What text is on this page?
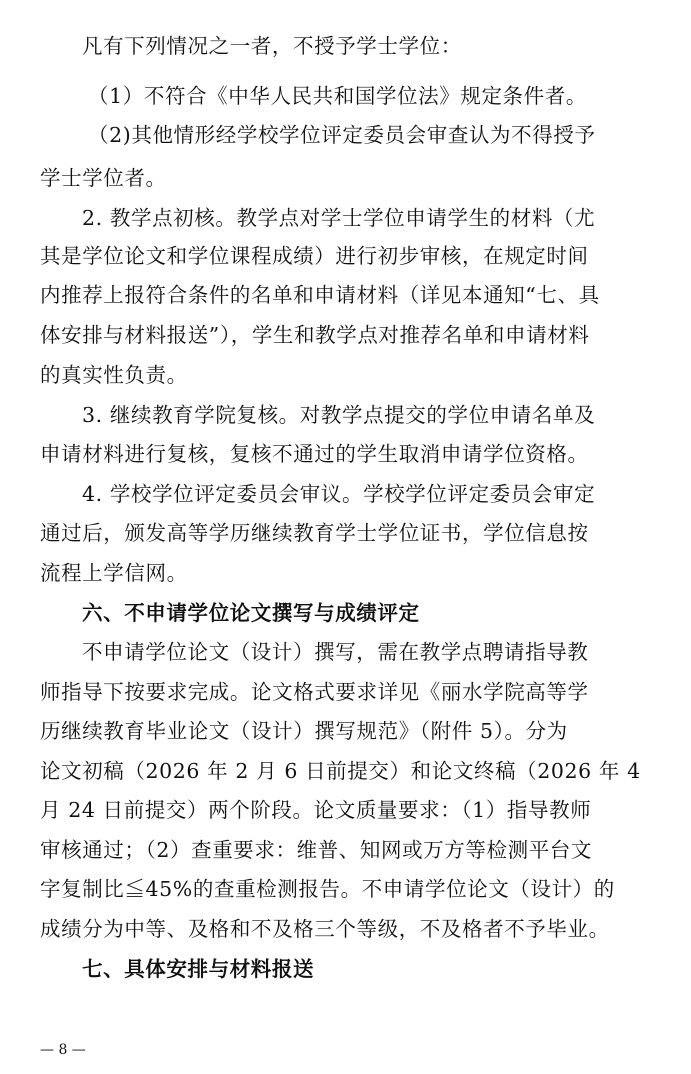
凡有下列情况之一者，不授予学士学位：
（1）不符合《中华人民共和国学位法》规定条件者。
（2)其他情形经学校学位评定委员会审查认为不得授予
学士学位者。
2. 教学点初核。教学点对学士学位申请学生的材料（尤
其是学位论文和学位课程成绩）进行初步审核，在规定时间
内推荐上报符合条件的名单和申请材料（详见本通知“七、具
体安排与材料报送”），学生和教学点对推荐名单和申请材料
的真实性负责。
3. 继续教育学院复核。对教学点提交的学位申请名单及
申请材料进行复核，复核不通过的学生取消申请学位资格。
4. 学校学位评定委员会审议。学校学位评定委员会审定
通过后，颁发高等学历继续教育学士学位证书，学位信息按
流程上学信网。
六、不申请学位论文撰写与成绩评定
不申请学位论文（设计）撰写，需在教学点聘请指导教
师指导下按要求完成。论文格式要求详见《丽水学院高等学
历继续教育毕业论文（设计）撰写规范》（附件 5）。分为
论文初稿（2026 年 2 月 6 日前提交）和论文终稿（2026 年 4
月 24 日前提交）两个阶段。论文质量要求：（1）指导教师
审核通过；（2）查重要求：维普、知网或万方等检测平台文
字复制比≦45%的查重检测报告。不申请学位论文（设计）的
成绩分为中等、及格和不及格三个等级，不及格者不予毕业。
七、具体安排与材料报送
— 8 —
